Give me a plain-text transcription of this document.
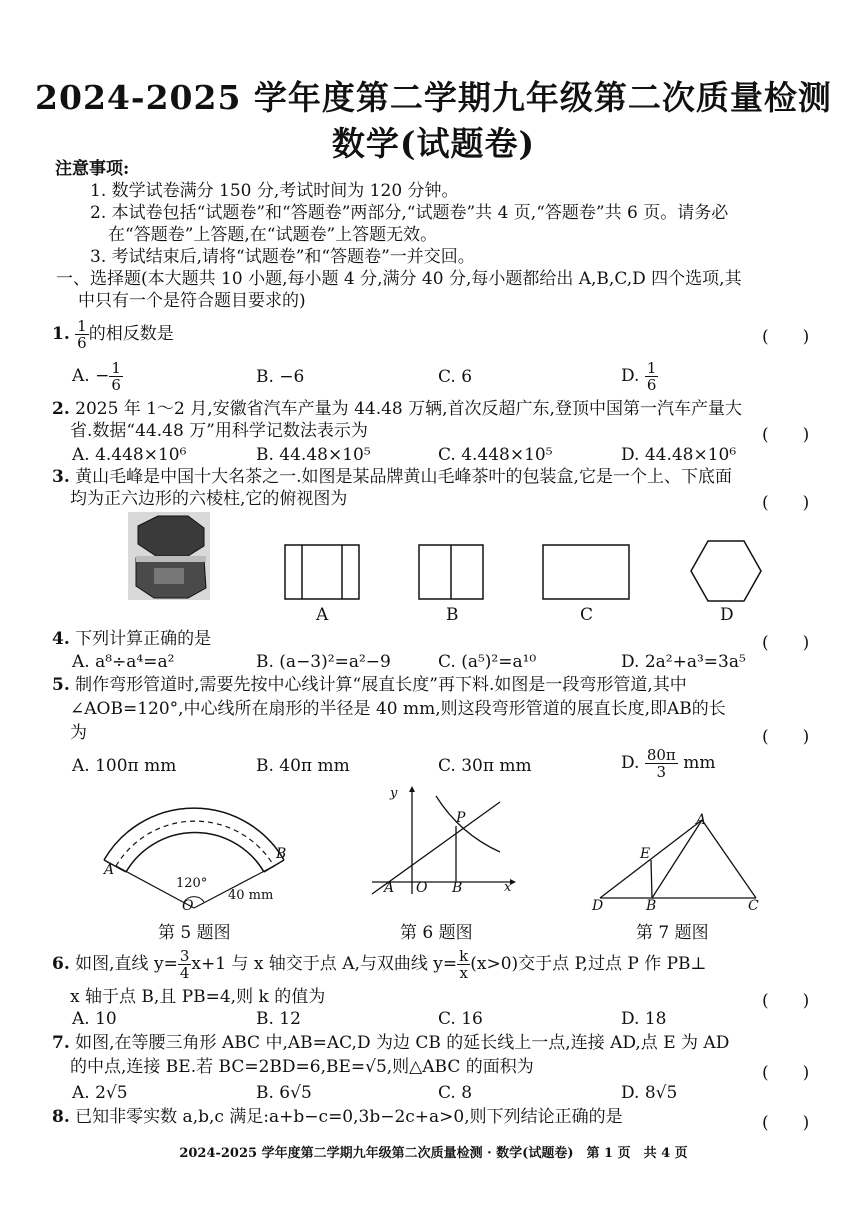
2024-2025 学年度第二学期九年级第二次质量检测
数学(试题卷)
注意事项:
1. 数学试卷满分 150 分,考试时间为 120 分钟。
2. 本试卷包括“试题卷”和“答题卷”两部分,“试题卷”共 4 页,“答题卷”共 6 页。请务必
在“答题卷”上答题,在“试题卷”上答题无效。
3. 考试结束后,请将“试题卷”和“答题卷”一并交回。
一、选择题(本大题共 10 小题,每小题 4 分,满分 40 分,每小题都给出 A,B,C,D 四个选项,其
中只有一个是符合题目要求的)
1. $\frac{1}{6}$ 的相反数是	(　　)
A. − $\frac{1}{6}$	B. −6	C. 6	D. $\frac{1}{6}$
2. 2025 年 1～2 月,安徽省汽车产量为 44.48 万辆,首次反超广东,登顶中国第一汽车产量大
省.数据“44.48 万”用科学记数法表示为	(　　)
A. 4.448×10⁶	B. 44.48×10⁵	C. 4.448×10⁵	D. 44.48×10⁶
3. 黄山毛峰是中国十大名茶之一.如图是某品牌黄山毛峰茶叶的包装盒,它是一个上、下底面
均为正六边形的六棱柱,它的俯视图为	(　　)
A	B	C	D
4. 下列计算正确的是	(　　)
A. a⁸÷a⁴=a²	B. (a−3)²=a²−9	C. (a⁵)²=a¹⁰	D. 2a²+a³=3a⁵
5. 制作弯形管道时,需要先按中心线计算“展直长度”再下料.如图是一段弯形管道,其中
∠AOB=120°,中心线所在扇形的半径是 40 mm,则这段弯形管道的展直长度,即AB的长
为	(　　)
A. 100π mm	B. 40π mm	C. 30π mm	D. $\frac{80\pi}{3}$ mm
A
B
O
120°
40 mm
第 5 题图
y
x
P
A O B
第 6 题图
A
E
D	B	C
第 7 题图
6. 如图,直线 $y= \frac{3}{4} x+1$ 与 x 轴交于点 A,与双曲线 $y= \frac{k}{x} (x>0)$交于点 P,过点 P 作 PB⊥
x 轴于点 B,且 PB=4,则 k 的值为	(　　)
A. 10	B. 12	C. 16	D. 18
7. 如图,在等腰三角形 ABC 中,AB=AC,D 为边 CB 的延长线上一点,连接 AD,点 E 为 AD
的中点,连接 BE.若 BC=2BD=6,BE=√5,则△ABC 的面积为	(　　)
A. 2√5	B. 6√5	C. 8	D. 8√5
8. 已知非零实数 a,b,c 满足:a+b−c=0,3b−2c+a>0,则下列结论正确的是	(　　)
2024-2025 学年度第二学期九年级第二次质量检测 · 数学(试题卷)　第 1 页　共 4 页
